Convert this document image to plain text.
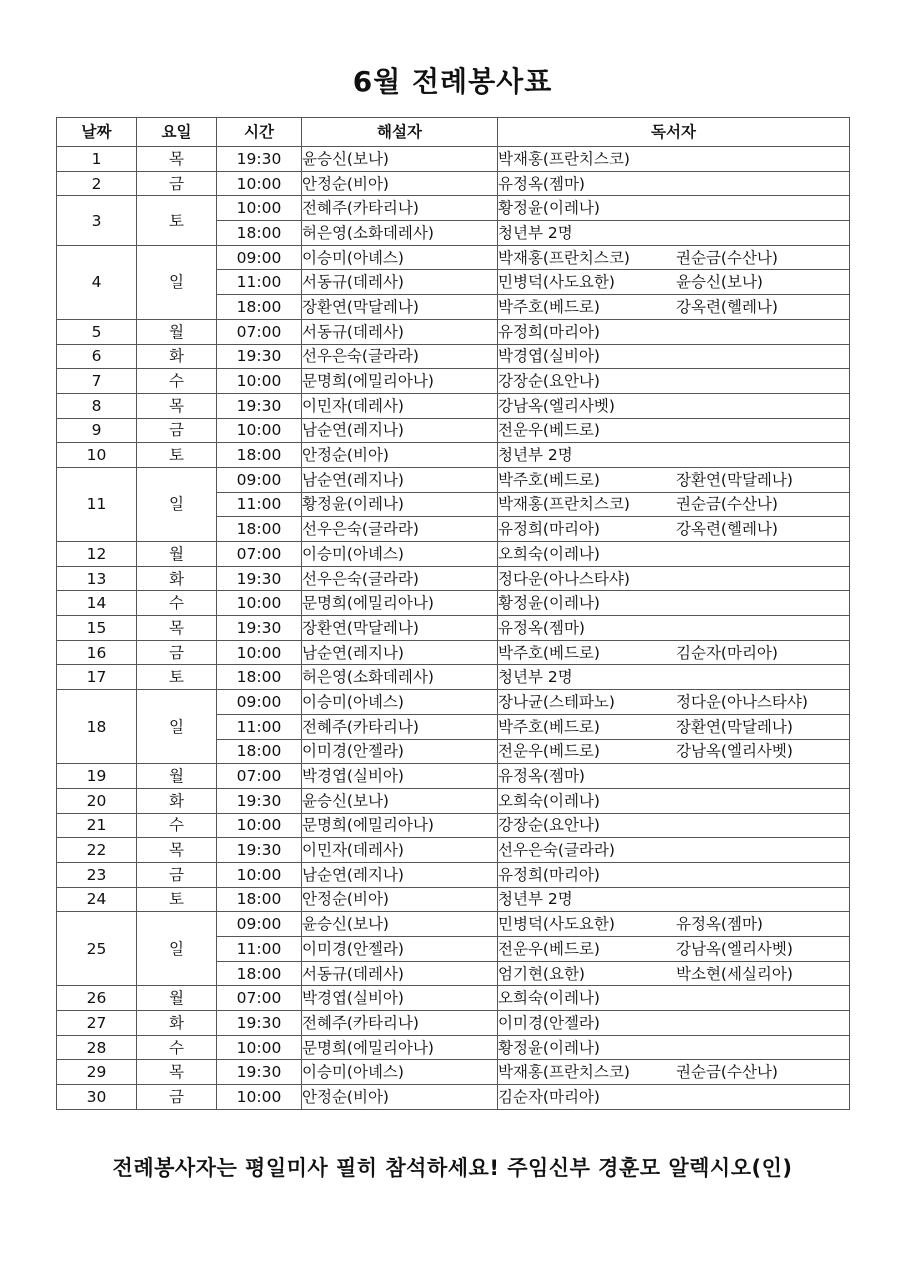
6월 전례봉사표
날짜	요일	시간	해설자	독서자
1	목	19:30	윤승신(보나)	박재홍(프란치스코)
2	금	10:00	안정순(비아)	유정옥(젬마)
3	토	10:00	전혜주(카타리나)	황정윤(이레나)
		18:00	허은영(소화데레사)	청년부 2명
4	일	09:00	이승미(아녜스)	박재홍(프란치스코) 권순금(수산나)
		11:00	서동규(데레사)	민병덕(사도요한) 윤승신(보나)
		18:00	장환연(막달레나)	박주호(베드로) 강옥련(헬레나)
5	월	07:00	서동규(데레사)	유정희(마리아)
6	화	19:30	선우은숙(글라라)	박경엽(실비아)
7	수	10:00	문명희(에밀리아나)	강장순(요안나)
8	목	19:30	이민자(데레사)	강남옥(엘리사벳)
9	금	10:00	남순연(레지나)	전운우(베드로)
10	토	18:00	안정순(비아)	청년부 2명
11	일	09:00	남순연(레지나)	박주호(베드로) 장환연(막달레나)
		11:00	황정윤(이레나)	박재홍(프란치스코) 권순금(수산나)
		18:00	선우은숙(글라라)	유정희(마리아) 강옥련(헬레나)
12	월	07:00	이승미(아녜스)	오희숙(이레나)
13	화	19:30	선우은숙(글라라)	정다운(아나스타샤)
14	수	10:00	문명희(에밀리아나)	황정윤(이레나)
15	목	19:30	장환연(막달레나)	유정옥(젬마)
16	금	10:00	남순연(레지나)	박주호(베드로) 김순자(마리아)
17	토	18:00	허은영(소화데레사)	청년부 2명
18	일	09:00	이승미(아녜스)	장나균(스테파노) 정다운(아나스타샤)
		11:00	전혜주(카타리나)	박주호(베드로) 장환연(막달레나)
		18:00	이미경(안젤라)	전운우(베드로) 강남옥(엘리사벳)
19	월	07:00	박경엽(실비아)	유정옥(젬마)
20	화	19:30	윤승신(보나)	오희숙(이레나)
21	수	10:00	문명희(에밀리아나)	강장순(요안나)
22	목	19:30	이민자(데레사)	선우은숙(글라라)
23	금	10:00	남순연(레지나)	유정희(마리아)
24	토	18:00	안정순(비아)	청년부 2명
25	일	09:00	윤승신(보나)	민병덕(사도요한) 유정옥(젬마)
		11:00	이미경(안젤라)	전운우(베드로) 강남옥(엘리사벳)
		18:00	서동규(데레사)	엄기현(요한) 박소현(세실리아)
26	월	07:00	박경엽(실비아)	오희숙(이레나)
27	화	19:30	전혜주(카타리나)	이미경(안젤라)
28	수	10:00	문명희(에밀리아나)	황정윤(이레나)
29	목	19:30	이승미(아녜스)	박재홍(프란치스코) 권순금(수산나)
30	금	10:00	안정순(비아)	김순자(마리아)
전례봉사자는 평일미사 필히 참석하세요! 주임신부 경훈모 알렉시오(인)
